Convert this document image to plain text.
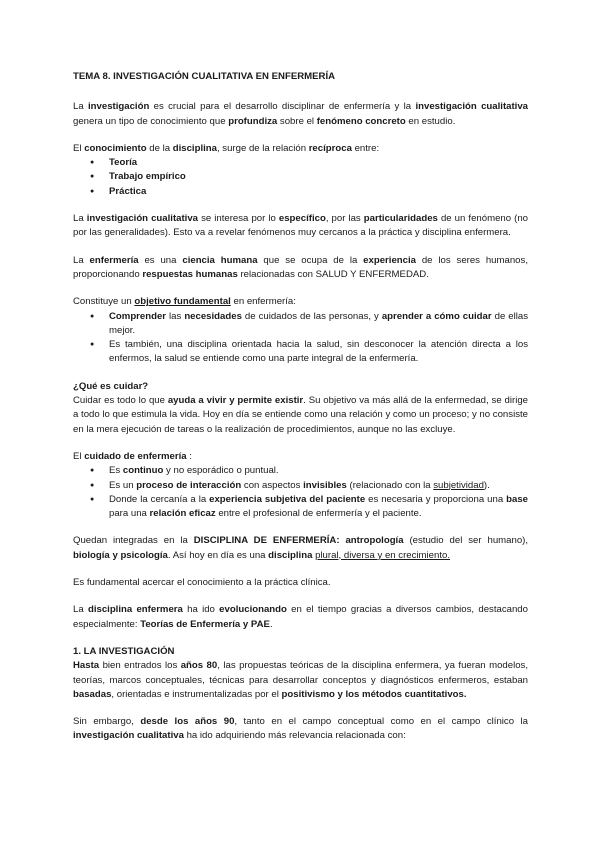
TEMA 8. INVESTIGACIÓN CUALITATIVA EN ENFERMERÍA

La investigación es crucial para el desarrollo disciplinar de enfermería y la investigación cualitativa genera un tipo de conocimiento que profundiza sobre el fenómeno concreto en estudio.

El conocimiento de la disciplina, surge de la relación recíproca entre:

● Teoría
● Trabajo empírico
● Práctica

La investigación cualitativa se interesa por lo específico, por las particularidades de un fenómeno (no por las generalidades). Esto va a revelar fenómenos muy cercanos a la práctica y disciplina enfermera.

La enfermería es una ciencia humana que se ocupa de la experiencia de los seres humanos, proporcionando respuestas humanas relacionadas con SALUD Y ENFERMEDAD.

Constituye un objetivo fundamental en enfermería:

● Comprender las necesidades de cuidados de las personas, y aprender a cómo cuidar de ellas mejor.
● Es también, una disciplina orientada hacia la salud, sin desconocer la atención directa a los enfermos, la salud se entiende como una parte integral de la enfermería.
¿Qué es cuidar?

Cuidar es todo lo que ayuda a vivir y permite existir. Su objetivo va más allá de la enfermedad, se dirige a todo lo que estimula la vida. Hoy en día se entiende como una relación y como un proceso; y no consiste en la mera ejecución de tareas o la realización de procedimientos, aunque no las excluye.

El cuidado de enfermería :

● Es continuo y no esporádico o puntual.
● Es un proceso de interacción con aspectos invisibles (relacionado con la subjetividad).
● Donde la cercanía a la experiencia subjetiva del paciente es necesaria y proporciona una base para una relación eficaz entre el profesional de enfermería y el paciente.

Quedan integradas en la DISCIPLINA DE ENFERMERÍA: antropología (estudio del ser humano), biología y psicología. Así hoy en día es una disciplina plural, diversa y en crecimiento.

Es fundamental acercar el conocimiento a la práctica clínica.

La disciplina enfermera ha ido evolucionando en el tiempo gracias a diversos cambios, destacando especialmente: Teorías de Enfermería y PAE.

1. LA INVESTIGACIÓN

Hasta bien entrados los años 80, las propuestas teóricas de la disciplina enfermera, ya fueran modelos, teorías, marcos conceptuales, técnicas para desarrollar conceptos y diagnósticos enfermeros, estaban basadas, orientadas e instrumentalizadas por el positivismo y los métodos cuantitativos.

Sin embargo, desde los años 90, tanto en el campo conceptual como en el campo clínico la investigación cualitativa ha ido adquiriendo más relevancia relacionada con:
